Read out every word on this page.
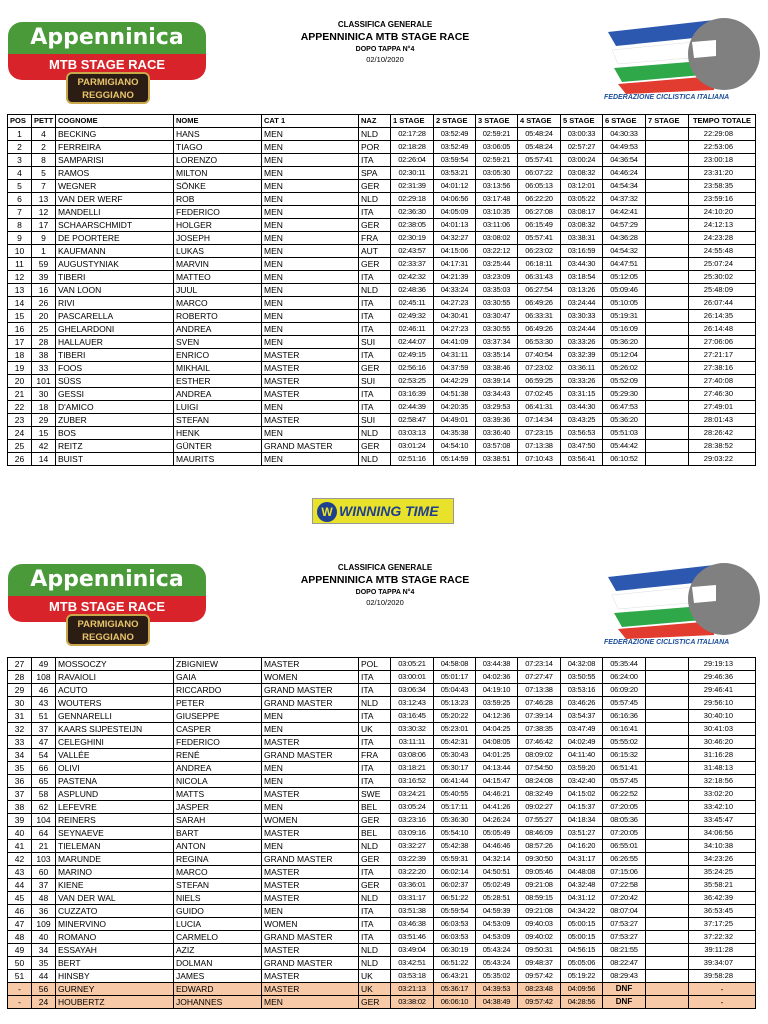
Appenninica
MTB STAGE RACE
PARMIGIANO
REGGIANO
CLASSIFICA GENERALE
APPENNINICA MTB STAGE RACE
DOPO TAPPA N°4
02/10/2020
FEDERAZIONE CICLISTICA ITALIANA
POS	PETT	COGNOME	NOME	CAT 1	NAZ	1 STAGE	2 STAGE	3 STAGE	4 STAGE	5 STAGE	6 STAGE	7 STAGE	TEMPO TOTALE
1	4	BECKING	HANS	MEN	NLD	02:17:28	03:52:49	02:59:21	05:48:24	03:00:33	04:30:33		22:29:08
2	2	FERREIRA	TIAGO	MEN	POR	02:18:28	03:52:49	03:06:05	05:48:24	02:57:27	04:49:53		22:53:06
3	8	SAMPARISI	LORENZO	MEN	ITA	02:26:04	03:59:54	02:59:21	05:57:41	03:00:24	04:36:54		23:00:18
4	5	RAMOS	MILTON	MEN	SPA	02:30:11	03:53:21	03:05:30	06:07:22	03:08:32	04:46:24		23:31:20
5	7	WEGNER	SÖNKE	MEN	GER	02:31:39	04:01:12	03:13:56	06:05:13	03:12:01	04:54:34		23:58:35
6	13	VAN DER WERF	ROB	MEN	NLD	02:29:18	04:06:56	03:17:48	06:22:20	03:05:22	04:37:32		23:59:16
7	12	MANDELLI	FEDERICO	MEN	ITA	02:36:30	04:05:09	03:10:35	06:27:08	03:08:17	04:42:41		24:10:20
8	17	SCHAARSCHMIDT	HOLGER	MEN	GER	02:38:05	04:01:13	03:11:06	06:15:49	03:08:32	04:57:29		24:12:13
9	9	DE POORTERE	JOSEPH	MEN	FRA	02:30:19	04:32:27	03:08:02	05:57:41	03:38:31	04:36:28		24:23:28
10	1	KAUFMANN	LUKAS	MEN	AUT	02:43:57	04:15:06	03:22:12	06:23:02	03:16:59	04:54:32		24:55:48
11	59	AUGUSTYNIAK	MARVIN	MEN	GER	02:33:37	04:17:31	03:25:44	06:18:11	03:44:30	04:47:51		25:07:24
12	39	TIBERI	MATTEO	MEN	ITA	02:42:32	04:21:39	03:23:09	06:31:43	03:18:54	05:12:05		25:30:02
13	16	VAN LOON	JUUL	MEN	NLD	02:48:36	04:33:24	03:35:03	06:27:54	03:13:26	05:09:46		25:48:09
14	26	RIVI	MARCO	MEN	ITA	02:45:11	04:27:23	03:30:55	06:49:26	03:24:44	05:10:05		26:07:44
15	20	PASCARELLA	ROBERTO	MEN	ITA	02:49:32	04:30:41	03:30:47	06:33:31	03:30:33	05:19:31		26:14:35
16	25	GHELARDONI	ANDREA	MEN	ITA	02:46:11	04:27:23	03:30:55	06:49:26	03:24:44	05:16:09		26:14:48
17	28	HALLAUER	SVEN	MEN	SUI	02:44:07	04:41:09	03:37:34	06:53:30	03:33:26	05:36:20		27:06:06
18	38	TIBERI	ENRICO	MASTER	ITA	02:49:15	04:31:11	03:35:14	07:40:54	03:32:39	05:12:04		27:21:17
19	33	FOOS	MIKHAIL	MASTER	GER	02:56:16	04:37:59	03:38:46	07:23:02	03:36:11	05:26:02		27:38:16
20	101	SÜSS	ESTHER	MASTER	SUI	02:53:25	04:42:29	03:39:14	06:59:25	03:33:26	05:52:09		27:40:08
21	30	GESSI	ANDREA	MASTER	ITA	03:16:39	04:51:38	03:34:43	07:02:45	03:31:15	05:29:30		27:46:30
22	18	D'AMICO	LUIGI	MEN	ITA	02:44:39	04:20:35	03:29:53	06:41:31	03:44:30	06:47:53		27:49:01
23	29	ZUBER	STEFAN	MASTER	SUI	02:58:47	04:49:01	03:39:36	07:14:34	03:43:25	05:36:20		28:01:43
24	15	BOS	HENK	MEN	NLD	03:03:13	04:35:38	03:36:40	07:23:15	03:56:53	05:51:03		28:26:42
25	42	REITZ	GÜNTER	GRAND MASTER	GER	03:01:24	04:54:10	03:57:08	07:13:38	03:47:50	05:44:42		28:38:52
26	14	BUIST	MAURITS	MEN	NLD	02:51:16	05:14:59	03:38:51	07:10:43	03:56:41	06:10:52		29:03:22
W WINNING TIME
Appenninica
MTB STAGE RACE
PARMIGIANO
REGGIANO
CLASSIFICA GENERALE
APPENNINICA MTB STAGE RACE
DOPO TAPPA N°4
02/10/2020
FEDERAZIONE CICLISTICA ITALIANA
27	49	MOSSOCZY	ZBIGNIEW	MASTER	POL	03:05:21	04:58:08	03:44:38	07:23:14	04:32:08	05:35:44		29:19:13
28	108	RAVAIOLI	GAIA	WOMEN	ITA	03:00:01	05:01:17	04:02:36	07:27:47	03:50:55	06:24:00		29:46:36
29	46	ACUTO	RICCARDO	GRAND MASTER	ITA	03:06:34	05:04:43	04:19:10	07:13:38	03:53:16	06:09:20		29:46:41
30	43	WOUTERS	PETER	GRAND MASTER	NLD	03:12:43	05:13:23	03:59:25	07:46:28	03:46:26	05:57:45		29:56:10
31	51	GENNARELLI	GIUSEPPE	MEN	ITA	03:16:45	05:20:22	04:12:36	07:39:14	03:54:37	06:16:36		30:40:10
32	37	KAARS SIJPESTEIJN	CASPER	MEN	UK	03:30:32	05:23:01	04:04:25	07:38:35	03:47:49	06:16:41		30:41:03
33	47	CELEGHINI	FEDERICO	MASTER	ITA	03:11:11	05:42:31	04:08:05	07:46:42	04:02:49	05:55:02		30:46:20
34	54	VALLÉE	RENÉ	GRAND MASTER	FRA	03:08:06	05:30:43	04:01:25	08:09:02	04:11:40	06:15:32		31:16:28
35	66	OLIVI	ANDREA	MEN	ITA	03:18:21	05:30:17	04:13:44	07:54:50	03:59:20	06:51:41		31:48:13
36	65	PASTENA	NICOLA	MEN	ITA	03:16:52	06:41:44	04:15:47	08:24:08	03:42:40	05:57:45		32:18:56
37	58	ASPLUND	MATTS	MASTER	SWE	03:24:21	05:40:55	04:46:21	08:32:49	04:15:02	06:22:52		33:02:20
38	62	LEFEVRE	JASPER	MEN	BEL	03:05:24	05:17:11	04:41:26	09:02:27	04:15:37	07:20:05		33:42:10
39	104	REINERS	SARAH	WOMEN	GER	03:23:16	05:36:30	04:26:24	07:55:27	04:18:34	08:05:36		33:45:47
40	64	SEYNAEVE	BART	MASTER	BEL	03:09:16	05:54:10	05:05:49	08:46:09	03:51:27	07:20:05		34:06:56
41	21	TIELEMAN	ANTON	MEN	NLD	03:32:27	05:42:38	04:46:46	08:57:26	04:16:20	06:55:01		34:10:38
42	103	MARUNDE	REGINA	GRAND MASTER	GER	03:22:39	05:59:31	04:32:14	09:30:50	04:31:17	06:26:55		34:23:26
43	60	MARINO	MARCO	MASTER	ITA	03:22:20	06:02:14	04:50:51	09:05:46	04:48:08	07:15:06		35:24:25
44	37	KIENE	STEFAN	MASTER	GER	03:36:01	06:02:37	05:02:49	09:21:08	04:32:48	07:22:58		35:58:21
45	48	VAN DER WAL	NIELS	MASTER	NLD	03:31:17	06:51:22	05:28:51	08:59:15	04:31:12	07:20:42		36:42:39
46	36	CUZZATO	GUIDO	MEN	ITA	03:51:38	05:59:54	04:59:39	09:21:08	04:34:22	08:07:04		36:53:45
47	109	MINERVINO	LUCIA	WOMEN	ITA	03:46:38	06:03:53	04:53:09	09:40:03	05:00:15	07:53:27		37:17:25
48	40	ROMANO	CARMELO	GRAND MASTER	ITA	03:51:46	06:03:53	04:53:09	09:40:02	05:00:15	07:53:27		37:22:32
49	34	ESSAYAH	AZIZ	MASTER	NLD	03:49:04	06:30:19	05:43:24	09:50:31	04:56:15	08:21:55		39:11:28
50	35	BERT	DOLMAN	GRAND MASTER	NLD	03:42:51	06:51:22	05:43:24	09:48:37	05:05:06	08:22:47		39:34:07
51	44	HINSBY	JAMES	MASTER	UK	03:53:18	06:43:21	05:35:02	09:57:42	05:19:22	08:29:43		39:58:28
-	56	GURNEY	EDWARD	MASTER	UK	03:21:13	05:36:17	04:39:53	08:23:48	04:09:56	DNF		-
-	24	HOUBERTZ	JOHANNES	MEN	GER	03:38:02	06:06:10	04:38:49	09:57:42	04:28:56	DNF		-
